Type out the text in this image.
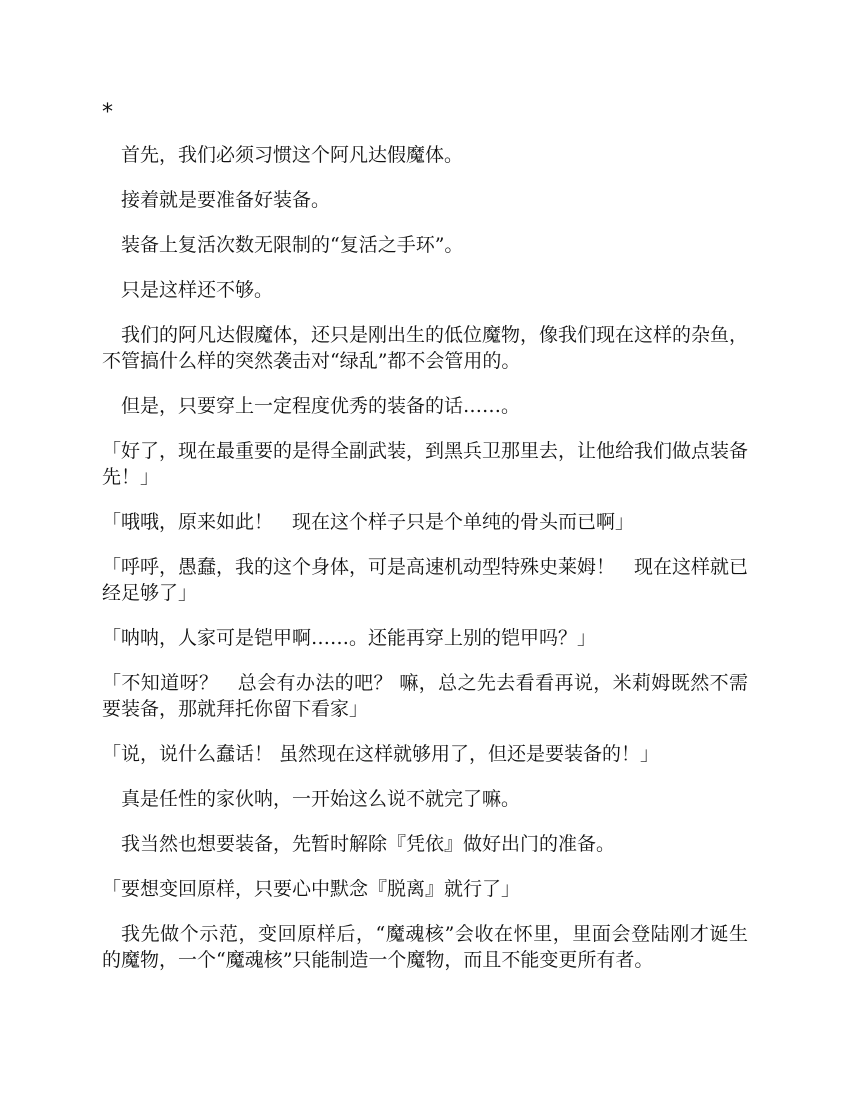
*

首先，我们必须习惯这个阿凡达假魔体。

接着就是要准备好装备。

装备上复活次数无限制的“复活之手环”。

只是这样还不够。

我们的阿凡达假魔体，还只是刚出生的低位魔物，像我们现在这样的杂鱼，不管搞什么样的突然袭击对“绿乱”都不会管用的。

但是，只要穿上一定程度优秀的装备的话……。

「好了，现在最重要的是得全副武装，到黑兵卫那里去，让他给我们做点装备先！」

「哦哦，原来如此！　现在这个样子只是个单纯的骨头而已啊」

「呼呼，愚蠢，我的这个身体，可是高速机动型特殊史莱姆！　现在这样就已经足够了」

「呐呐，人家可是铠甲啊……。还能再穿上别的铠甲吗？」

「不知道呀？　总会有办法的吧？ 嘛，总之先去看看再说，米莉姆既然不需要装备，那就拜托你留下看家」

「说，说什么蠢话！ 虽然现在这样就够用了，但还是要装备的！」

真是任性的家伙呐，一开始这么说不就完了嘛。

我当然也想要装备，先暂时解除『凭依』做好出门的准备。

「要想变回原样，只要心中默念『脱离』就行了」

我先做个示范，变回原样后，“魔魂核”会收在怀里，里面会登陆刚才诞生的魔物，一个“魔魂核”只能制造一个魔物，而且不能变更所有者。
